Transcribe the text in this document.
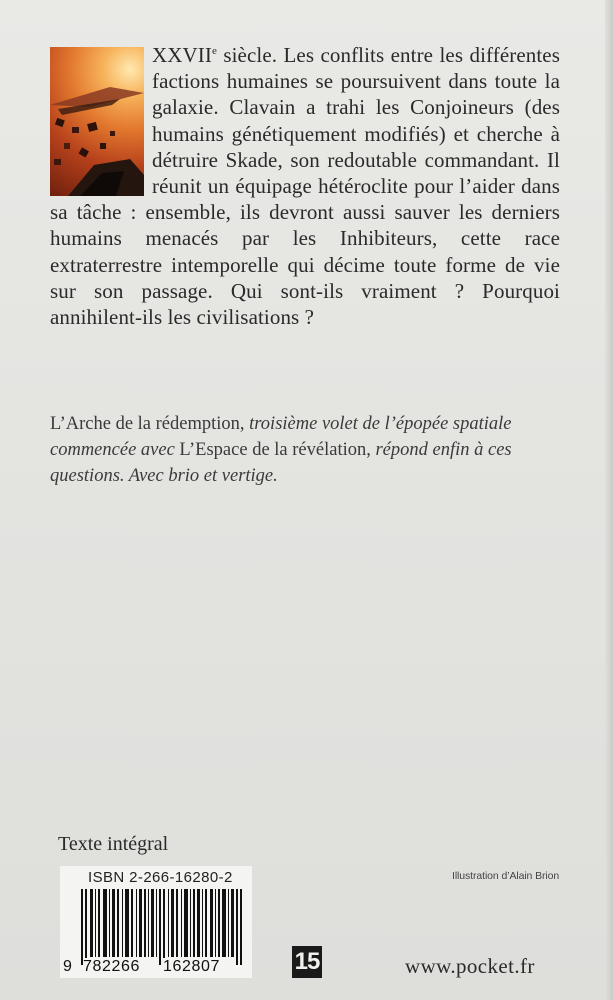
XXVIIe siècle. Les conflits entre les différentes factions humaines se poursuivent dans toute la galaxie. Clavain a trahi les Conjoineurs (des humains génétiquement modifiés) et cherche à détruire Skade, son redoutable commandant. Il réunit un équipage hétéroclite pour l’aider dans sa tâche : ensemble, ils devront aussi sauver les derniers humains menacés par les Inhibiteurs, cette race extraterrestre intemporelle qui décime toute forme de vie sur son passage. Qui sont-ils vraiment ? Pourquoi annihilent-ils les civilisations ?
L’Arche de la rédemption, troisième volet de l’épopée spatiale commencée avec L’Espace de la révélation, répond enfin à ces questions. Avec brio et vertige.
Texte intégral
ISBN 2-266-16280-2
9 782266 162807
Illustration d’Alain Brion
15	www.pocket.fr
